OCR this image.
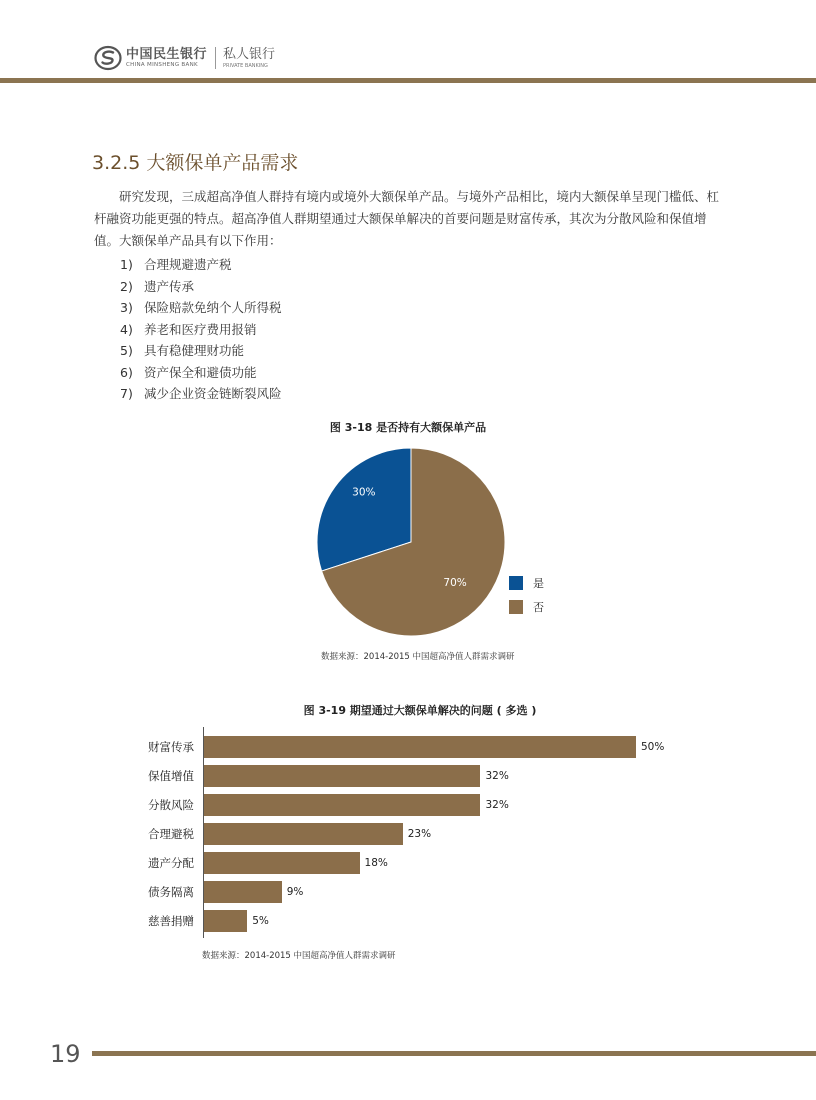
中国民生银行
CHINA MINSHENG BANK
私人银行
PRIVATE BANKING
3.2.5 大额保单产品需求
研究发现，三成超高净值人群持有境内或境外大额保单产品。与境外产品相比，境内大额保单呈现门槛低、杠杆融资功能更强的特点。超高净值人群期望通过大额保单解决的首要问题是财富传承，其次为分散风险和保值增值。大额保单产品具有以下作用：
1) 合理规避遗产税
2) 遗产传承
3) 保险赔款免纳个人所得税
4) 养老和医疗费用报销
5) 具有稳健理财功能
6) 资产保全和避债功能
7) 减少企业资金链断裂风险
图 3-18 是否持有大额保单产品
30%
70%	是
否
数据来源：2014-2015 中国超高净值人群需求调研
图 3-19 期望通过大额保单解决的问题 ( 多选 )
财富传承	50%
保值增值	32%
分散风险	32%
合理避税	23%
遗产分配	18%
债务隔离	9%
慈善捐赠	5%
数据来源：2014-2015 中国超高净值人群需求调研
19
